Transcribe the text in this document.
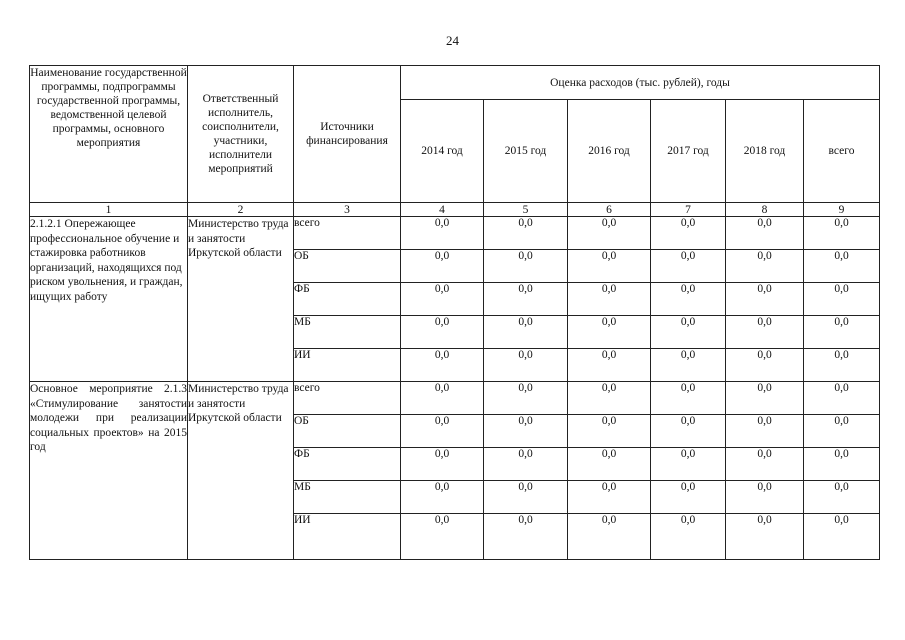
24
Наименование государственной программы, подпрограммы государственной программы, ведомственной целевой программы, основного мероприятия	Ответственный исполнитель, соисполнители, участники, исполнители мероприятий	Источники финансирования	Оценка расходов (тыс. рублей), годы					
			2014 год	2015 год	2016 год	2017 год	2018 год	всего
1	2	3	4	5	6	7	8	9
2.1.2.1 Опережающее профессиональное обучение и стажировка работников организаций, находящихся под риском увольнения, и граждан, ищущих работу	Министерство труда и занятости Иркутской области	всего	0,0	0,0	0,0	0,0	0,0	0,0
		ОБ	0,0	0,0	0,0	0,0	0,0	0,0
		ФБ	0,0	0,0	0,0	0,0	0,0	0,0
		МБ	0,0	0,0	0,0	0,0	0,0	0,0
		ИИ	0,0	0,0	0,0	0,0	0,0	0,0
Основное мероприятие 2.1.3 «Стимулирование занятости молодежи при реализации социальных проектов» на 2015 год	Министерство труда и занятости Иркутской области	всего	0,0	0,0	0,0	0,0	0,0	0,0
		ОБ	0,0	0,0	0,0	0,0	0,0	0,0
		ФБ	0,0	0,0	0,0	0,0	0,0	0,0
		МБ	0,0	0,0	0,0	0,0	0,0	0,0
		ИИ	0,0	0,0	0,0	0,0	0,0	0,0
